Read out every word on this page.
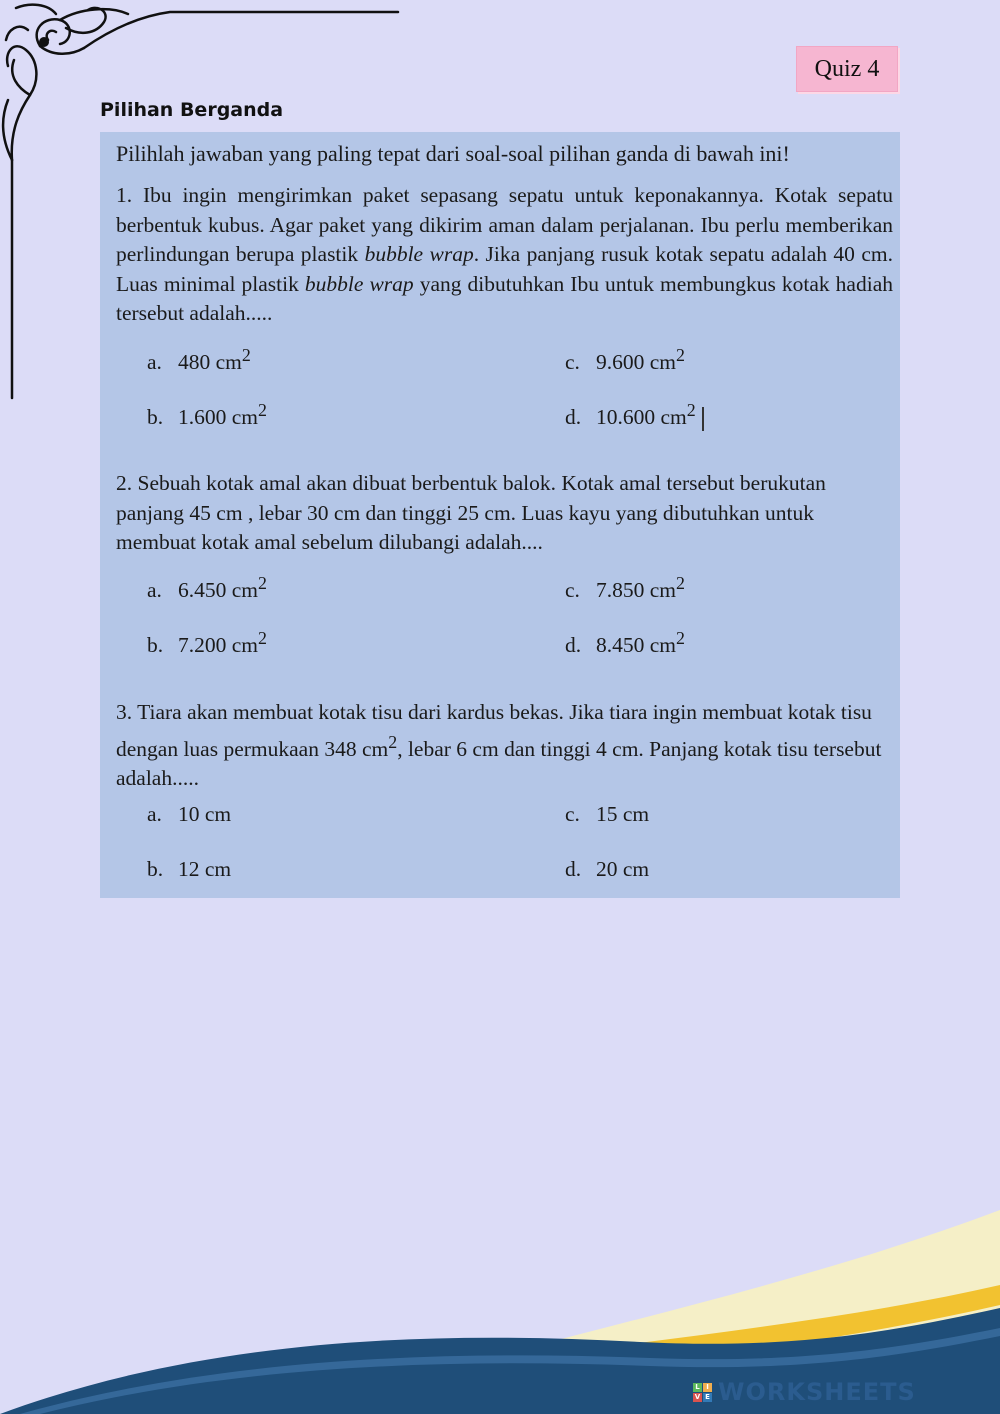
Quiz 4
Pilihan Berganda
Pilihlah jawaban yang paling tepat dari soal-soal pilihan ganda di bawah ini!
1. Ibu ingin mengirimkan paket sepasang sepatu untuk keponakannya. Kotak sepatu berbentuk kubus. Agar paket yang dikirim aman dalam perjalanan. Ibu perlu memberikan perlindungan berupa plastik bubble wrap. Jika panjang rusuk kotak sepatu adalah 40 cm. Luas minimal plastik bubble wrap yang dibutuhkan Ibu untuk membungkus kotak hadiah tersebut adalah.....
a. 480 $cm^2$	c. 9.600 $cm^2$
b. 1.600 $cm^2$	d. 10.600 $cm^2$
2. Sebuah kotak amal akan dibuat berbentuk balok. Kotak amal tersebut berukutan panjang 45 cm , lebar 30 cm dan tinggi 25 cm. Luas kayu yang dibutuhkan untuk membuat kotak amal sebelum dilubangi adalah....
a. 6.450 $cm^2$	c. 7.850 $cm^2$
b. 7.200 $cm^2$	d. 8.450 $cm^2$
3. Tiara akan membuat kotak tisu dari kardus bekas. Jika tiara ingin membuat kotak tisu dengan luas permukaan 348 $cm^2$, lebar 6 cm dan tinggi 4 cm. Panjang kotak tisu tersebut adalah.....
a. 10 cm	c. 15 cm
b. 12 cm	d. 20 cm
L I
V E WORKSHEETS
